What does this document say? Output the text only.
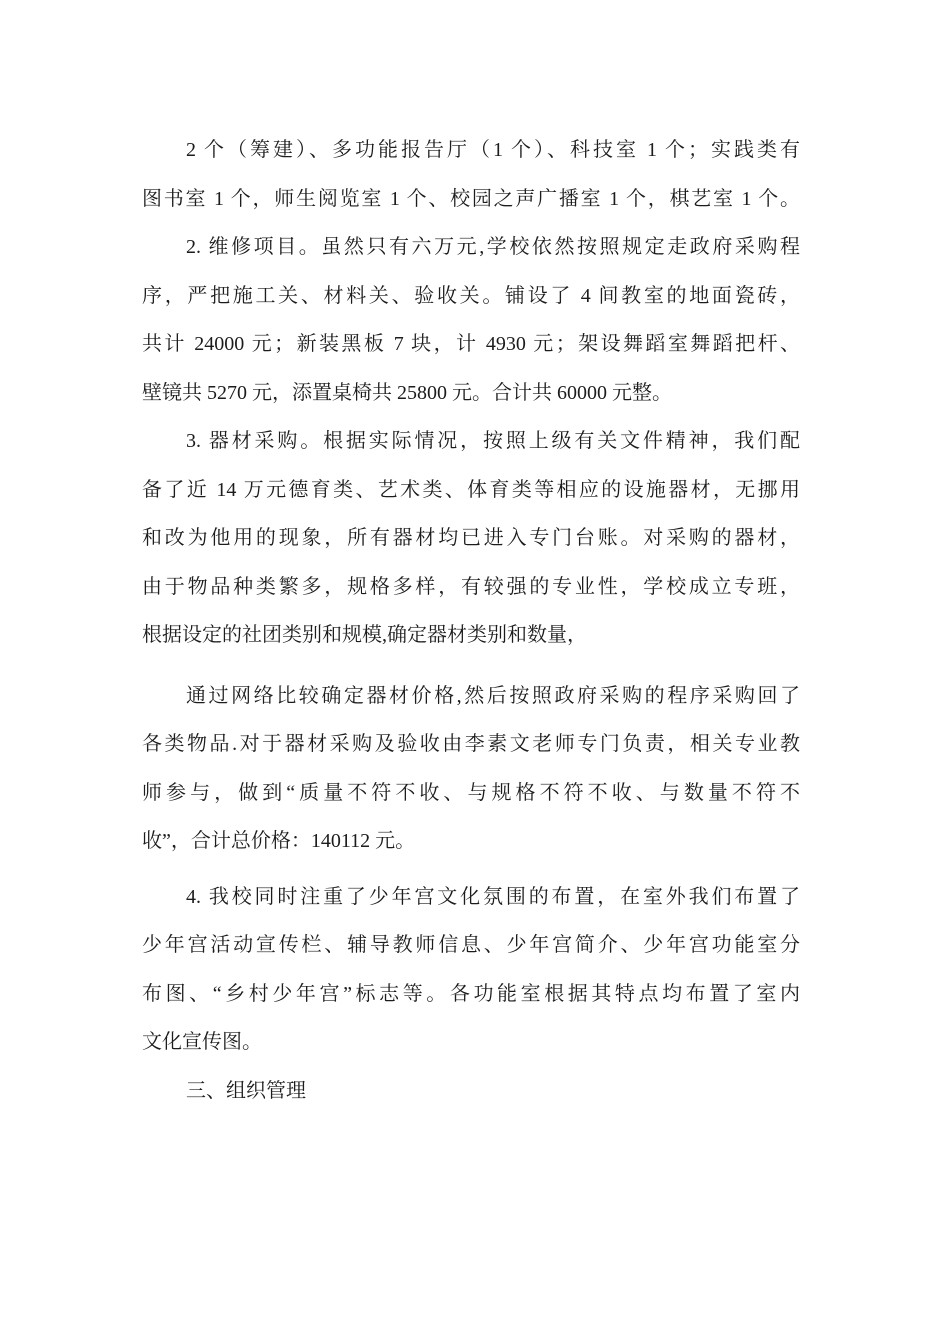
2 个（筹建）、多功能报告厅（1 个）、科技室 1 个；实践类有
图书室 1 个，师生阅览室 1 个、校园之声广播室 1 个，棋艺室 1 个。
2. 维修项目。虽然只有六万元,学校依然按照规定走政府采购程
序，严把施工关、材料关、验收关。铺设了 4 间教室的地面瓷砖，
共计 24000 元；新装黑板 7 块，计 4930 元；架设舞蹈室舞蹈把杆、
壁镜共 5270 元，添置桌椅共 25800 元。合计共 60000 元整。
3. 器材采购。根据实际情况，按照上级有关文件精神，我们配
备了近 14 万元德育类、艺术类、体育类等相应的设施器材，无挪用
和改为他用的现象，所有器材均已进入专门台账。对采购的器材，
由于物品种类繁多，规格多样，有较强的专业性，学校成立专班，
根据设定的社团类别和规模,确定器材类别和数量，
通过网络比较确定器材价格,然后按照政府采购的程序采购回了
各类物品.对于器材采购及验收由李素文老师专门负责，相关专业教
师参与，做到“质量不符不收、与规格不符不收、与数量不符不
收”，合计总价格：140112 元。
4. 我校同时注重了少年宫文化氛围的布置，在室外我们布置了
少年宫活动宣传栏、辅导教师信息、少年宫简介、少年宫功能室分
布图、“乡村少年宫”标志等。各功能室根据其特点均布置了室内
文化宣传图。
三、组织管理
